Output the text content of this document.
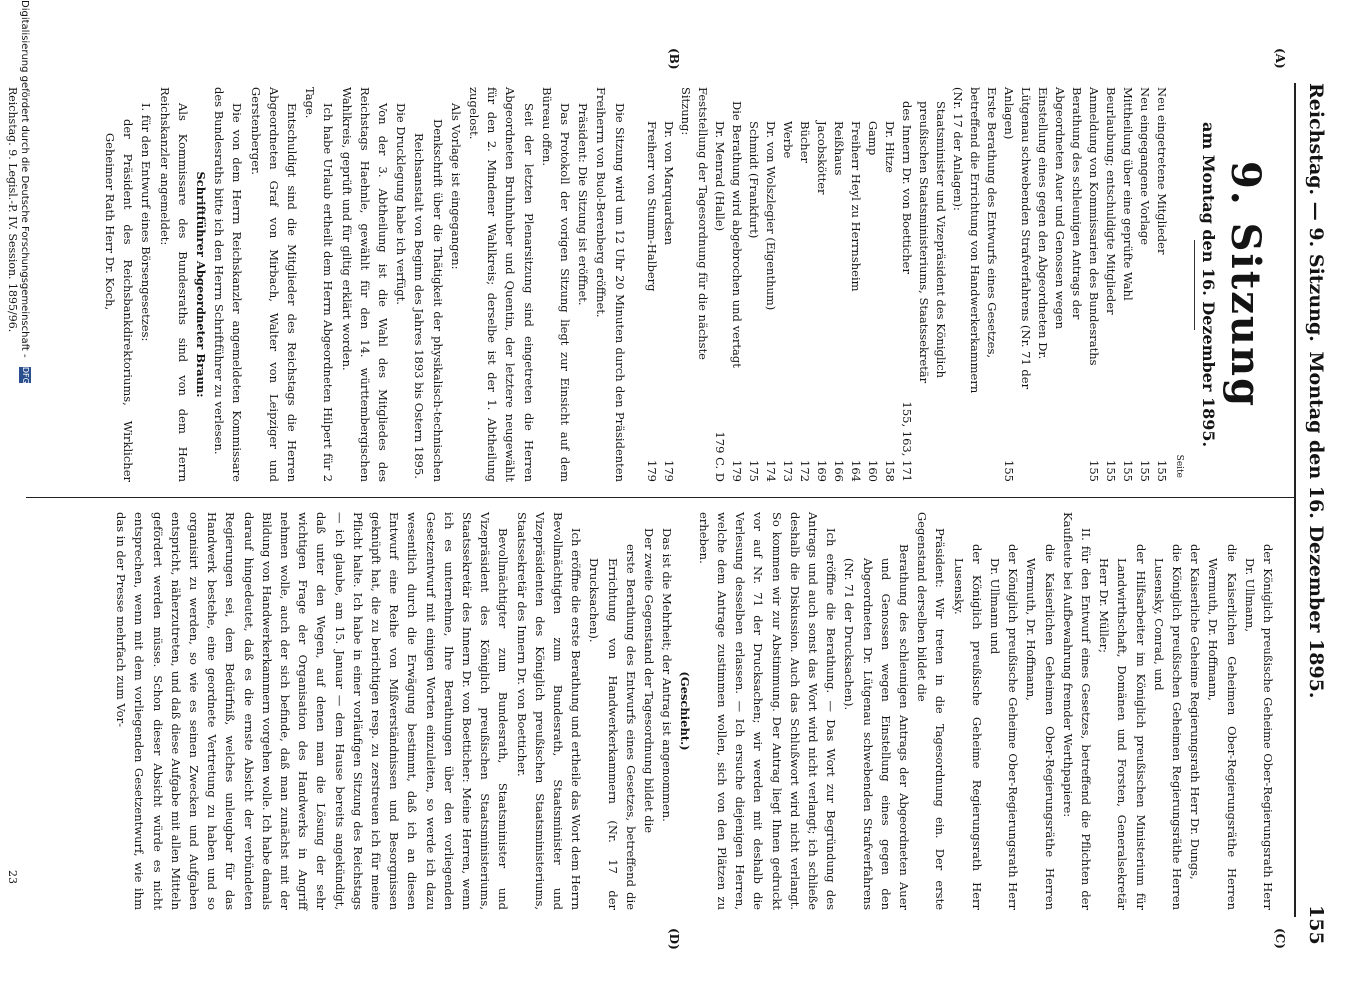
Reichstag. — 9. Sitzung.
Montag den 16. Dezember 1895.
155
(A)
(B)
(C)
(D)
9. Sitzung
am Montag den 16. Dezember 1895.
Seite
Neu eingetretene Mitglieder	155
Neu eingegangene Vorlage	155
Mittheilung über eine geprüfte Wahl	155
Beurlaubung; entschuldigte Mitglieder	155
Anmeldung von Kommissarien des Bundesraths	155
Berathung des schleunigen Antrags der Abgeordneten Auer und Genossen wegen Einstellung eines gegen den Abgeordneten Dr. Lütgenau schwebenden Strafverfahrens (Nr. 71 der Anlagen)	155
Erste Berathung des Entwurfs eines Gesetzes, betreffend die Errichtung von Handwerkerkammern (Nr. 17 der Anlagen):	
Staatsminister und Vizepräsident des Königlich preußischen Staatsministeriums, Staatssekretär des Innern Dr. von Boetticher	155, 163, 171
Dr. Hitze	158
Gamp	160
Freiherr Heyl zu Herrnsheim	164
Reißhaus	166
Jacobskötter	169
Bücher	172
Werbe	173
Dr. von Wolszlegier (Eigenthum)	174
Schmidt (Frankfurt)	175
Die Berathung wird abgebrochen und vertagt	179
Dr. Menrad (Halle)	179 C. D
Feststellung der Tagesordnung für die nächste Sitzung:	
Dr. von Marquardsen	179
Freiherr von Stumm-Halberg	179

Die Sitzung wird um 12 Uhr 20 Minuten durch den Präsidenten Freiherrn von Buol-Berenberg eröffnet.

Präsident: Die Sitzung ist eröffnet.

Das Protokoll der vorigen Sitzung liegt zur Einsicht auf dem Büreau offen.

Seit der letzten Plenarsitzung sind eingetreten die Herren Abgeordneten Bruhnhuber und Quentin, der letztere neugewählt für den 2. Mindener Wahlkreis; derselbe ist der 1. Abtheilung zugelost.

Als Vorlage ist eingegangen:

Denkschrift über die Thätigkeit der physikalisch-technischen Reichsanstalt von Beginn des Jahres 1893 bis Ostern 1895.

Die Drucklegung habe ich verfügt.

Von der 3. Abtheilung ist die Wahl des Mitgliedes des Reichstags Haehnle, gewählt für den 14. württembergischen Wahlkreis, geprüft und für giltig erklärt worden.

Ich habe Urlaub ertheilt dem Herrn Abgeordneten Hilpert für 2 Tage.

Entschuldigt sind die Mitglieder des Reichstags die Herren Abgeordneten Graf von Mirbach, Walter von Leipziger und Gerstenberger.

Die von dem Herrn Reichskanzler angemeldeten Kommissare des Bundesraths bitte ich den Herrn Schriftführer zu verlesen.

Schriftführer Abgeordneter Braun:

Als Kommissare des Bundesraths sind von dem Herrn Reichskanzler angemeldet:

I. für den Entwurf eines Börsengesetzes:

der Präsident des Reichsbankdirektoriums, Wirklicher Geheimer Rath Herr Dr. Koch,

der Königlich preußische Geheime Ober-Regierungsrath Herr Dr. Ullmann,

die Kaiserlichen Geheimen Ober-Regierungsräthe Herren Wermuth, Dr. Hoffmann,

der Kaiserliche Geheime Regierungsrath Herr Dr. Dungs,

die Königlich preußischen Geheimen Regierungsräthe Herren Lusensky, Conrad, und

der Hilfsarbeiter im Königlich preußischen Ministerium für Landwirthschaft, Domänen und Forsten, Generalsekretär Herr Dr. Müller;

II. für den Entwurf eines Gesetzes, betreffend die Pflichten der Kaufleute bei Aufbewahrung fremder Werthpapiere:

die Kaiserlichen Geheimen Ober-Regierungsräthe Herren Wermuth, Dr. Hoffmann,

der Königlich preußische Geheime Ober-Regierungsrath Herr Dr. Ullmann und

der Königlich preußische Geheime Regierungsrath Herr Lusensky.

Präsident: Wir treten in die Tagesordnung ein. Der erste Gegenstand derselben bildet die

Berathung des schleunigen Antrags der Abgeordneten Auer und Genossen wegen Einstellung eines gegen den Abgeordneten Dr. Lütgenau schwebenden Strafverfahrens (Nr. 71 der Drucksachen).

Ich eröffne die Berathung. — Das Wort zur Begründung des Antrags und auch sonst das Wort wird nicht verlangt; ich schließe deshalb die Diskussion. Auch das Schlußwort wird nicht verlangt. So kommen wir zur Abstimmung. Der Antrag liegt Ihnen gedruckt vor auf Nr. 71 der Drucksachen; wir werden mit deshalb die Verlesung desselben erlassen. — Ich ersuche diejenigen Herren, welche dem Antrage zustimmen wollen, sich von den Plätzen zu erheben.

(Geschieht.)

Das ist die Mehrheit; der Antrag ist angenommen.

Der zweite Gegenstand der Tagesordnung bildet die

erste Berathung des Entwurfs eines Gesetzes, betreffend die Errichtung von Handwerkerkammern (Nr. 17 der Drucksachen).

Ich eröffne die erste Berathung und ertheile das Wort dem Herrn Bevollmächtigten zum Bundesrath, Staatsminister und Vizepräsidenten des Königlich preußischen Staatsministeriums, Staatssekretär des Innern Dr. von Boetticher.

Bevollmächtigter zum Bundesrath, Staatsminister und Vizepräsident des Königlich preußischen Staatsministeriums, Staatssekretär des Innern Dr. von Boetticher: Meine Herren, wenn ich es unternehme, Ihre Berathungen über den vorliegenden Gesetzentwurf mit einigen Worten einzuleiten, so werde ich dazu wesentlich durch die Erwägung bestimmt, daß ich an diesen Entwurf eine Reihe von Mißverständnissen und Besorgnissen geknüpft hat, die zu berichtigen resp. zu zerstreuen ich für meine Pflicht halte. Ich habe in einer vorläufigen Sitzung des Reichstags — ich glaube, am 15. Januar — dem Hause bereits angekündigt, daß unter den Wegen, auf denen man die Lösung der sehr wichtigen Frage der Organisation des Handwerks in Angriff nehmen wolle, auch der sich befinde, daß man zunächst mit der Bildung von Handwerkerkammern vorgehen wolle. Ich habe damals darauf hingedeutet, daß es die ernste Absicht der verbündeten Regierungen sei, dem Bedürfniß, welches unleugbar für das Handwerk bestehe, eine geordnete Vertretung zu haben und so organisirt zu werden, so wie es seinen Zwecken und Aufgaben entspricht, näherzutreten, und daß diese Aufgabe mit allen Mitteln gefördert werden müsse. Schon dieser Absicht würde es nicht entsprechen, wenn mit dem vorliegenden Gesetzentwurf, wie ihm das in der Presse mehrfach zum Vor-

Reichstag. 9. Legisl.-P. IV. Session. 1895/96.
23
Digitalisierung gefördert durch die Deutsche Forschungsgemeinschaft - DFG
